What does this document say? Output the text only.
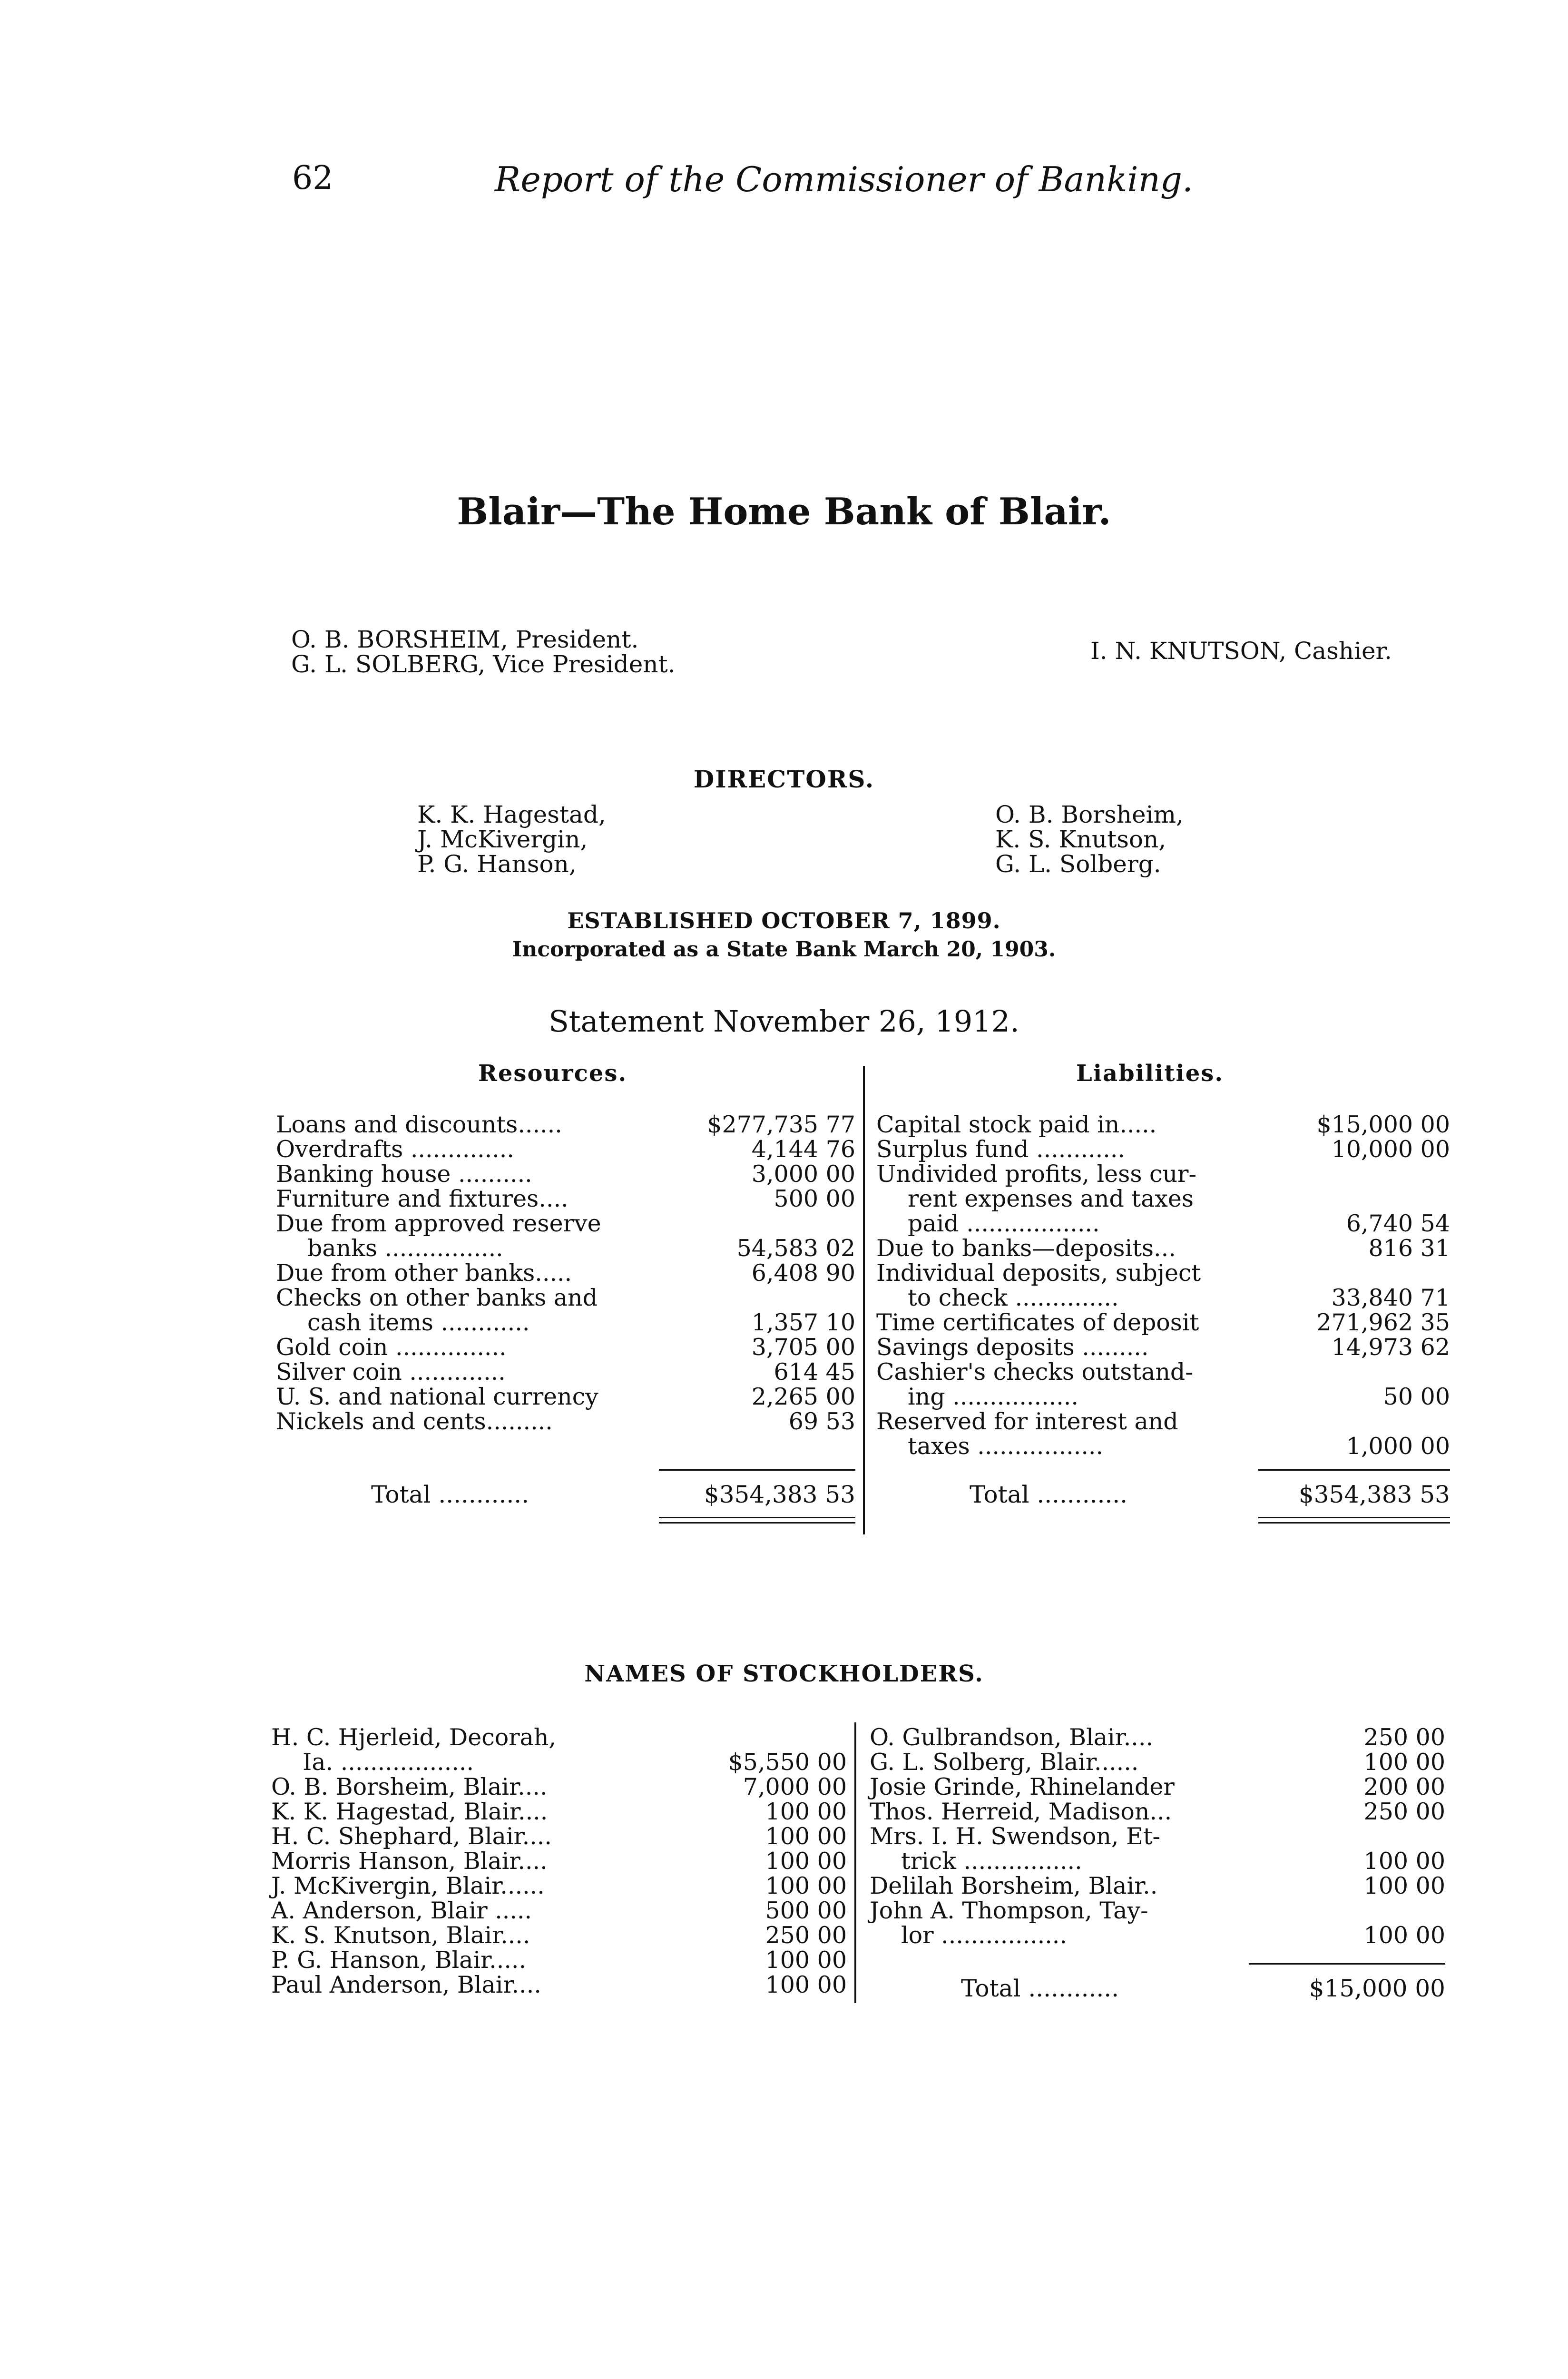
62	Report of the Commissioner of Banking.
Blair—The Home Bank of Blair.
O. B. BORSHEIM, President.
G. L. SOLBERG, Vice President.	I. N. KNUTSON, Cashier.
DIRECTORS.
K. K. Hagestad,
J. McKivergin,
P. G. Hanson,
O. B. Borsheim,
K. S. Knutson,
G. L. Solberg.
ESTABLISHED OCTOBER 7, 1899.
Incorporated as a State Bank March 20, 1903.
Statement November 26, 1912.
Resources.	Liabilities.
Loans and discounts......	$277,735 77
Overdrafts ..............	4,144 76
Banking house ..........	3,000 00
Furniture and fixtures....	500 00
Due from approved reserve
banks ................	54,583 02
Due from other banks.....	6,408 90
Checks on other banks and
cash items ............	1,357 10
Gold coin ...............	3,705 00
Silver coin .............	614 45
U. S. and national currency	2,265 00
Nickels and cents.........	69 53
Capital stock paid in.....	$15,000 00
Surplus fund ............	10,000 00
Undivided profits, less cur-
rent expenses and taxes
paid ..................	6,740 54
Due to banks—deposits...	816 31
Individual deposits, subject
to check ..............	33,840 71
Time certificates of deposit	271,962 35
Savings deposits .........	14,973 62
Cashier's checks outstand-
ing .................	50 00
Reserved for interest and
taxes .................	1,000 00
Total ............	$354,383 53	Total ............	$354,383 53
NAMES OF STOCKHOLDERS.
H. C. Hjerleid, Decorah,
Ia. ..................	$5,550 00
O. B. Borsheim, Blair....	7,000 00
K. K. Hagestad, Blair....	100 00
H. C. Shephard, Blair....	100 00
Morris Hanson, Blair....	100 00
J. McKivergin, Blair......	100 00
A. Anderson, Blair .....	500 00
K. S. Knutson, Blair....	250 00
P. G. Hanson, Blair.....	100 00
Paul Anderson, Blair....	100 00
O. Gulbrandson, Blair....	250 00
G. L. Solberg, Blair......	100 00
Josie Grinde, Rhinelander	200 00
Thos. Herreid, Madison...	250 00
Mrs. I. H. Swendson, Et-
trick ................	100 00
Delilah Borsheim, Blair..	100 00
John A. Thompson, Tay-
lor .................	100 00
Total ............	$15,000 00
